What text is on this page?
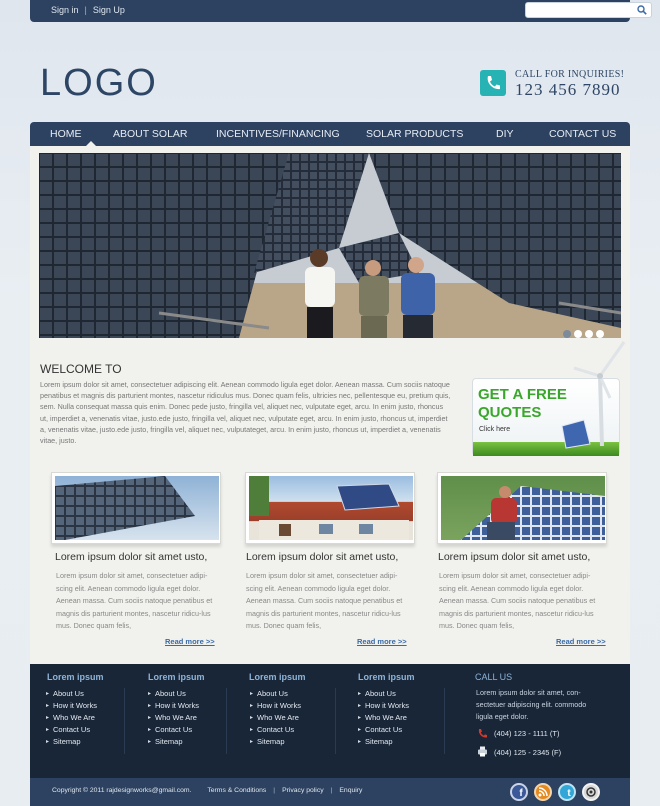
Sign in | Sign Up
LOGO	CALL FOR INQUIRIES!
123 456 7890
HOME	ABOUT SOLAR	INCENTIVES/FINANCING	SOLAR PRODUCTS	DIY	CONTACT US
WELCOME TO
Lorem ipsum dolor sit amet, consectetuer adipiscing elit. Aenean commodo ligula eget dolor. Aenean massa. Cum sociis natoque penatibus et magnis dis parturient montes, nascetur ridiculus mus. Donec quam felis, ultricies nec, pellentesque eu, pretium quis, sem. Nulla consequat massa quis enim. Donec pede justo, fringilla vel, aliquet nec, vulputate eget, arcu. In enim justo, rhoncus ut, imperdiet a, venenatis vitae, justo.ede justo, fringilla vel, aliquet nec, vulputate eget, arcu. In enim justo, rhoncus ut, imperdiet a, venenatis vitae, justo.ede justo, fringilla vel, aliquet nec, vulputateget, arcu. In enim justo, rhoncus ut, imperdiet a, venenatis vitae, justo.
GET A FREE QUOTES
Click here
Lorem ipsum dolor sit amet usto,
Lorem ipsum dolor sit amet, consectetuer adipi-scing elit. Aenean commodo ligula eget dolor. Aenean massa. Cum sociis natoque penatibus et magnis dis parturient montes, nascetur ridicu-lus mus. Donec quam felis,
Read more >>
Lorem ipsum dolor sit amet usto,
Lorem ipsum dolor sit amet, consectetuer adipi-scing elit. Aenean commodo ligula eget dolor. Aenean massa. Cum sociis natoque penatibus et magnis dis parturient montes, nascetur ridicu-lus mus. Donec quam felis,
Read more >>
Lorem ipsum dolor sit amet usto,
Lorem ipsum dolor sit amet, consectetuer adipi-scing elit. Aenean commodo ligula eget dolor. Aenean massa. Cum sociis natoque penatibus et magnis dis parturient montes, nascetur ridicu-lus mus. Donec quam felis,
Read more >>
Lorem ipsum
▸ About Us
▸ How it Works
▸ Who We Are
▸ Contact Us
▸ Sitemap
Lorem ipsum
▸ About Us
▸ How it Works
▸ Who We Are
▸ Contact Us
▸ Sitemap
Lorem ipsum
▸ About Us
▸ How it Works
▸ Who We Are
▸ Contact Us
▸ Sitemap
Lorem ipsum
▸ About Us
▸ How it Works
▸ Who We Are
▸ Contact Us
▸ Sitemap
CALL US
Lorem ipsum dolor sit amet, con-sectetuer adipiscing elit. commodo ligula eget dolor.
(404) 123 - 1111 (T)
(404) 125 - 2345 (F)
Copyright © 2011 rajdesignworks@gmail.com. Terms & Conditions | Privacy policy | Enquiry	f	t
